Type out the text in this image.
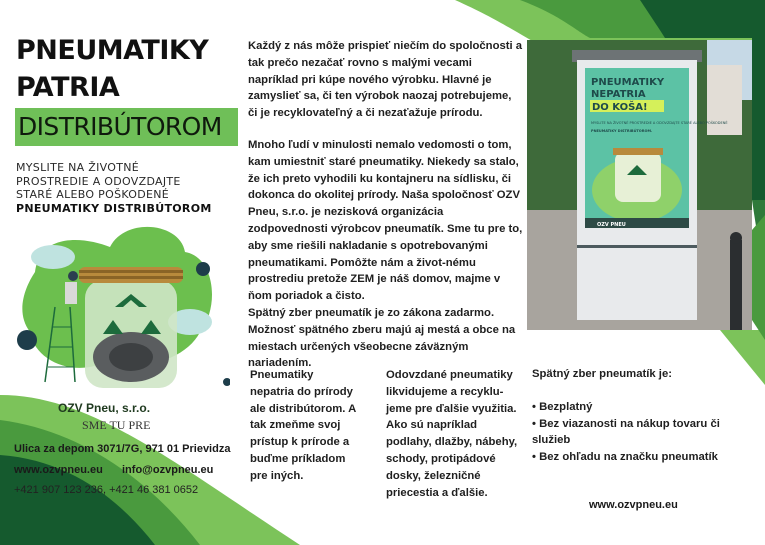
PNEUMATIKY
PATRIA
DISTRIBÚTOROM
MYSLITE NA ŽIVOTNÉ
PROSTREDIE A ODOVZDAJTE
STARÉ ALEBO POŠKODENÉ
PNEUMATIKY DISTRIBÚTOROM
OZV Pneu, s.r.o.
SME TU PRE
Ulica za depom 3071/7G, 971 01 Prievidza
www.ozvpneu.eu info@ozvpneu.eu
+421 907 123 236, +421 46 381 0652

Každý z nás môže prispieť niečím do spoločnosti a tak prečo nezačať rovno s malými vecami napríklad pri kúpe nového výrobku. Hlavné je zamyslieť sa, či ten výrobok naozaj potrebujeme, či je recyklovateľný a či nezaťažuje prírodu.

Mnoho ľudí v minulosti nemalo vedomosti o tom, kam umiestniť staré pneumatiky. Niekedy sa stalo, že ich preto vyhodili ku kontajneru na sídlisku, či dokonca do okolitej prírody. Naša spoločnosť OZV Pneu, s.r.o. je nezisková organizácia zodpovednosti výrobcov pneumatík. Sme tu pre to, aby sme riešili nakladanie s opotrebovanými pneumatikami. Pomôžte nám a život-nému prostrediu pretože ZEM je náš domov, majme v ňom poriadok a čisto.

Spätný zber pneumatík je zo zákona zadarmo.

Možnosť spätného zberu majú aj mestá a obce na miestach určených všeobecne záväzným nariadením.

Pneumatiky nepatria do prírody ale distribútorom. A tak zmeňme svoj prístup k prírode a buďme príkladom pre iných.
Odovzdané pneumatiky likvidujeme a recyklu-jeme pre ďalšie využitia. Ako sú napríklad podlahy, dlažby, nábehy, schody, protipádové dosky, železničné priecestia a ďalšie.
PNEUMATIKY
NEPATRIA
DO KOŠA!
MYSLITE NA ŽIVOTNÉ PROSTREDIE A ODOVZDAJTE STARÉ ALEBO POŠKODENÉ
PNEUMATIKY DISTRIBÚTOROM.
OZV PNEU
Spätný zber pneumatík je:
• Bezplatný
• Bez viazanosti na nákup tovaru či služieb
• Bez ohľadu na značku pneumatík
www.ozvpneu.eu
